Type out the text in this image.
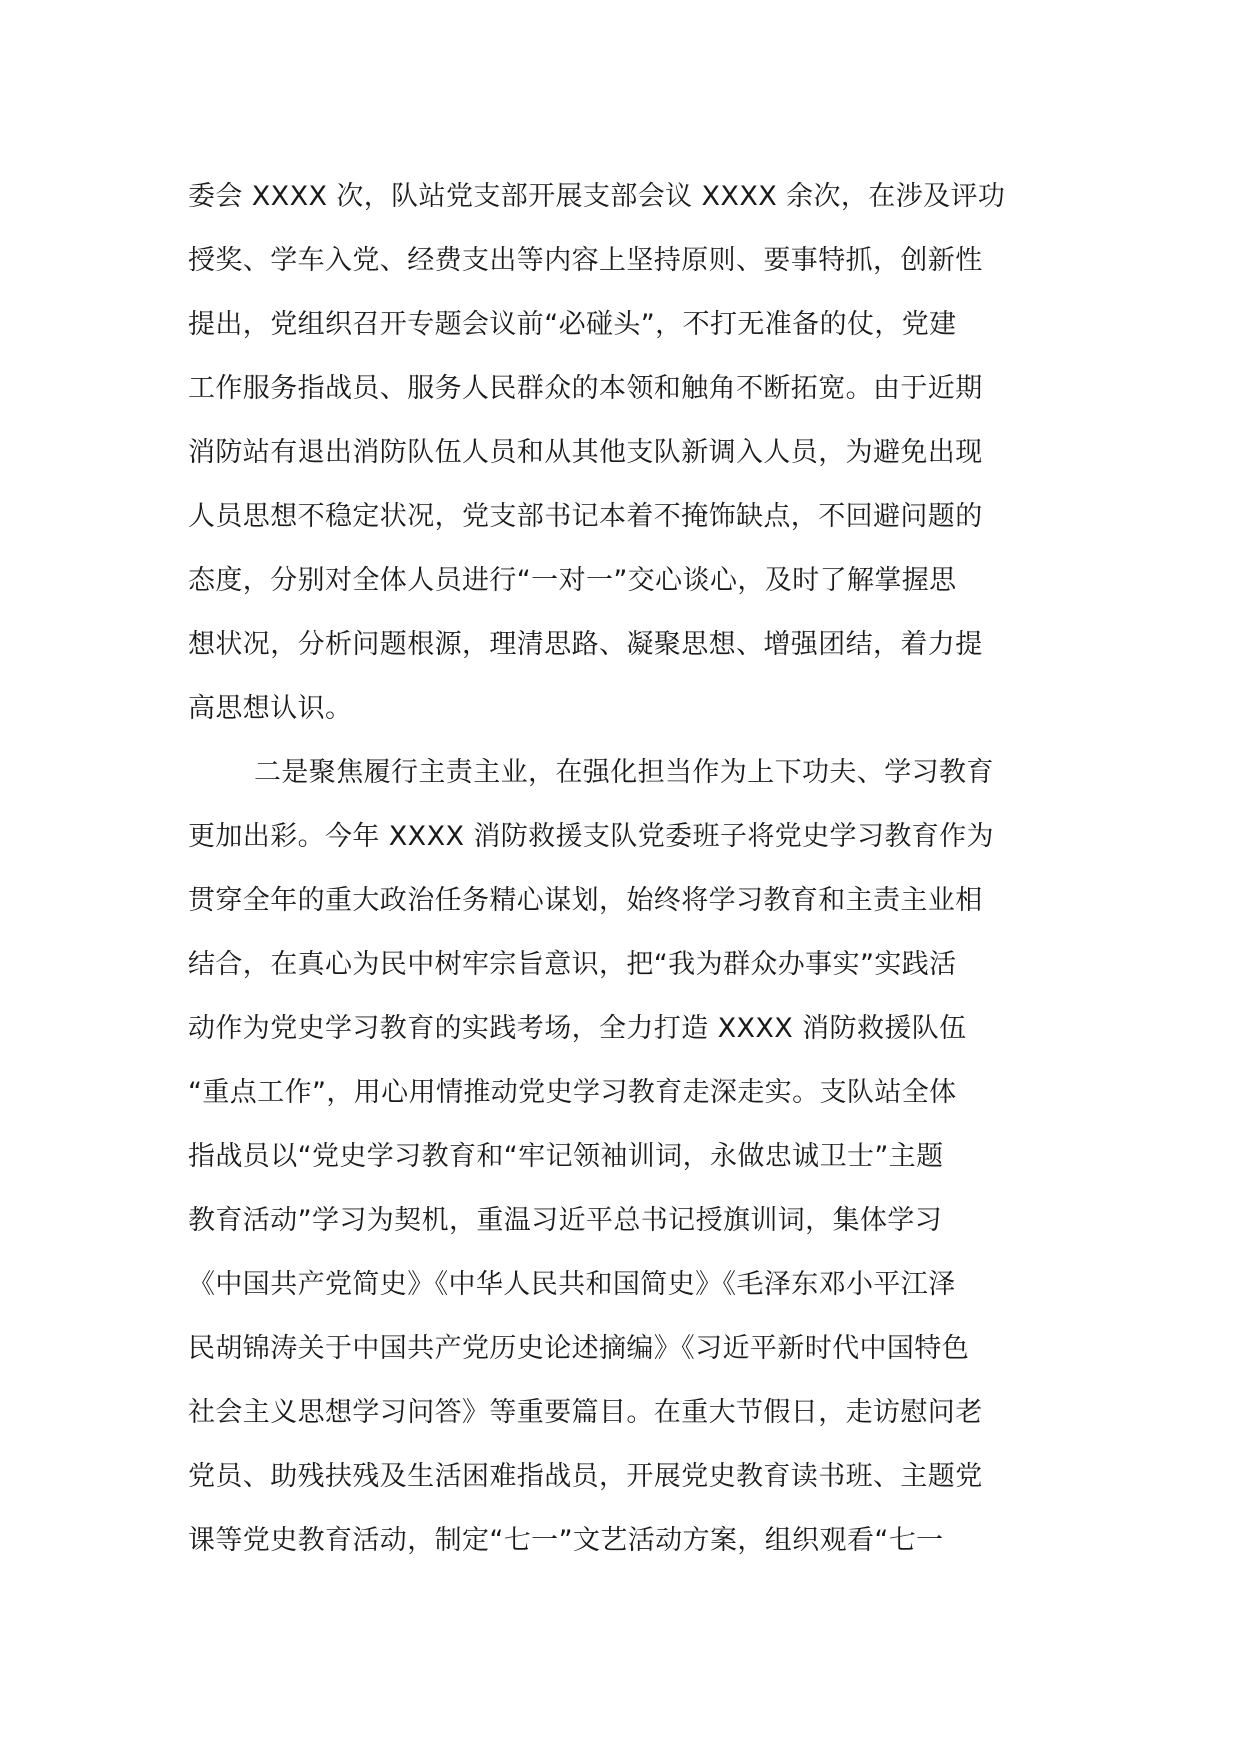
委会 XXXX 次，队站党支部开展支部会议 XXXX 余次，在涉及评功
授奖、学车入党、经费支出等内容上坚持原则、要事特抓，创新性
提出，党组织召开专题会议前“必碰头”，不打无准备的仗，党建
工作服务指战员、服务人民群众的本领和触角不断拓宽。由于近期
消防站有退出消防队伍人员和从其他支队新调入人员，为避免出现
人员思想不稳定状况，党支部书记本着不掩饰缺点，不回避问题的
态度，分别对全体人员进行“一对一”交心谈心，及时了解掌握思
想状况，分析问题根源，理清思路、凝聚思想、增强团结，着力提
高思想认识。
二是聚焦履行主责主业，在强化担当作为上下功夫、学习教育
更加出彩。今年 XXXX 消防救援支队党委班子将党史学习教育作为
贯穿全年的重大政治任务精心谋划，始终将学习教育和主责主业相
结合，在真心为民中树牢宗旨意识，把“我为群众办事实”实践活
动作为党史学习教育的实践考场，全力打造 XXXX 消防救援队伍
“重点工作”，用心用情推动党史学习教育走深走实。支队站全体
指战员以“党史学习教育和“牢记领袖训词，永做忠诚卫士”主题
教育活动”学习为契机，重温习近平总书记授旗训词，集体学习
《中国共产党简史》《中华人民共和国简史》《毛泽东邓小平江泽
民胡锦涛关于中国共产党历史论述摘编》《习近平新时代中国特色
社会主义思想学习问答》等重要篇目。在重大节假日，走访慰问老
党员、助残扶残及生活困难指战员，开展党史教育读书班、主题党
课等党史教育活动，制定“七一”文艺活动方案，组织观看“七一
